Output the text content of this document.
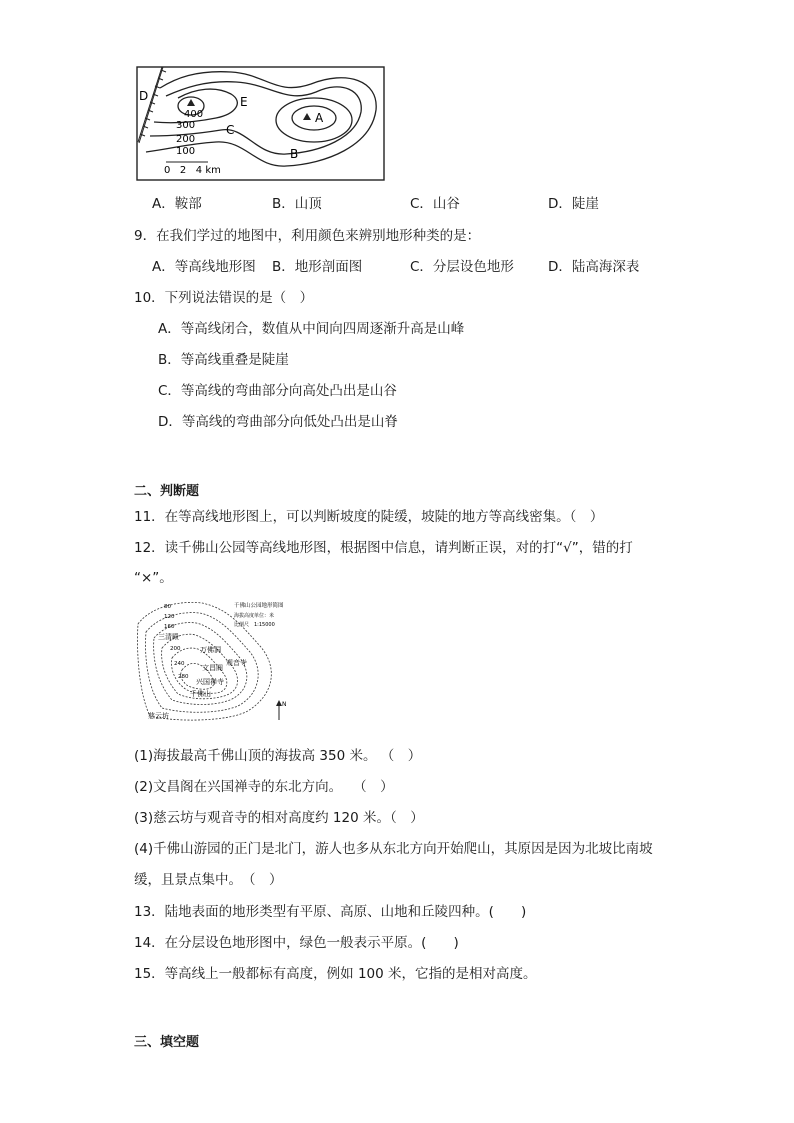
D	E
C
B
A
400
300
200
100
0   2   4 km
A．鞍部	B．山顶	C．山谷	D．陡崖
9．在我们学过的地图中，利用颜色来辨别地形种类的是：
A．等高线地形图 B．地形剖面图	C．分层设色地形	D．陆高海深表
10．下列说法错误的是（　）
A．等高线闭合，数值从中间向四周逐渐升高是山峰
B．等高线重叠是陡崖
C．等高线的弯曲部分向高处凸出是山谷
D．等高线的弯曲部分向低处凸出是山脊
二、判断题
11．在等高线地形图上，可以判断坡度的陡缓，坡陡的地方等高线密集。（　）
12．读千佛山公园等高线地形图，根据图中信息，请判断正误，对的打“√”，错的打
“×”。
80
120
160
200
240
280
三清殿
万佛洞
观音寺
文昌阁
兴国禅寺
千佛山
慈云坊
千佛山公园地形简图
海拔高度单位：米
比例尺　1:15000
N
(1)海拔最高千佛山顶的海拔高 350 米。 （　）
(2)文昌阁在兴国禅寺的东北方向。　 （　）
(3)慈云坊与观音寺的相对高度约 120 米。（　）
(4)千佛山游园的正门是北门，游人也多从东北方向开始爬山，其原因是因为北坡比南坡
缓，且景点集中。　（　）
13．陆地表面的地形类型有平原、高原、山地和丘陵四种。(　　)
14．在分层设色地形图中，绿色一般表示平原。(　　)
15．等高线上一般都标有高度，例如 100 米，它指的是相对高度。
三、填空题
